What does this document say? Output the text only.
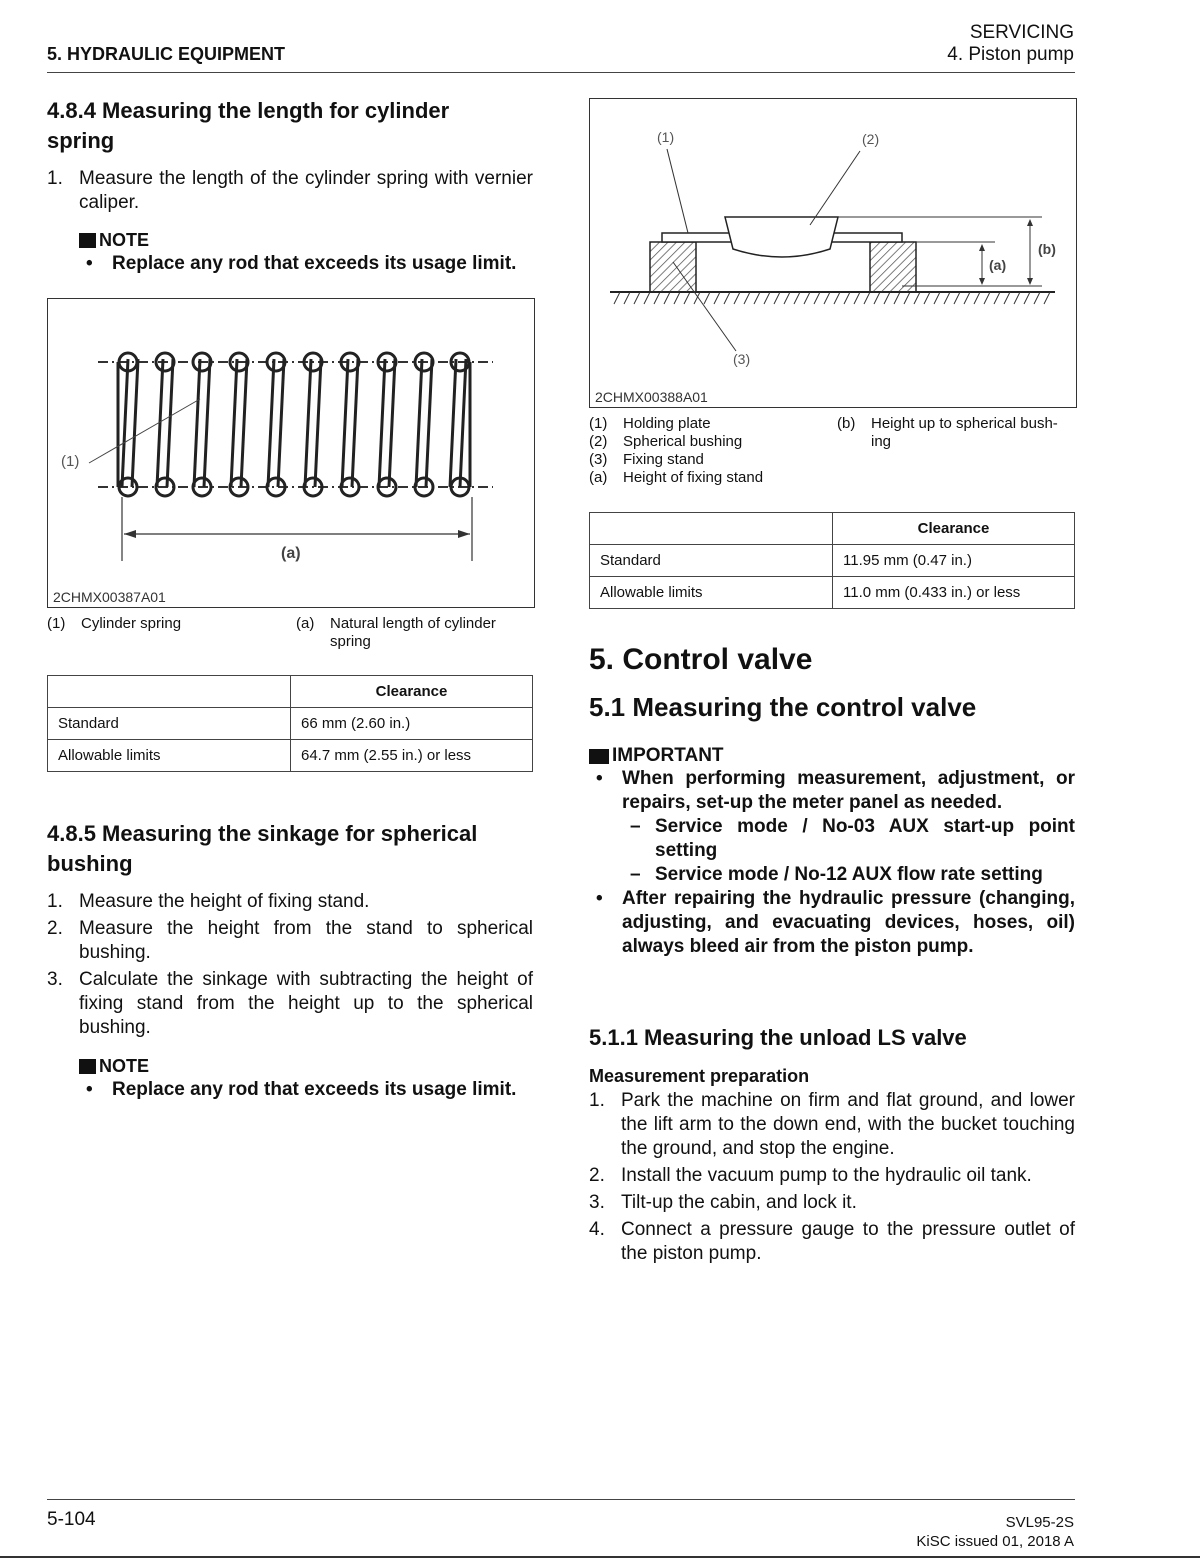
5. HYDRAULIC EQUIPMENT
SERVICING
4. Piston pump
4.8.4 Measuring the length for cylinder
spring
1. Measure the length of the cylinder spring with vernier caliper.
NOTE
• Replace any rod that exceeds its usage limit.
(1)
(a)
2CHMX00387A01
(1)	Cylinder spring	(a)	Natural length of cylinder spring
	Clearance
Standard	66 mm (2.60 in.)
Allowable limits	64.7 mm (2.55 in.) or less
4.8.5 Measuring the sinkage for spherical
bushing
1. Measure the height of fixing stand.
2. Measure the height from the stand to spherical bushing.
3. Calculate the sinkage with subtracting the height of fixing stand from the height up to the spherical bushing.
NOTE
• Replace any rod that exceeds its usage limit.
(1)	(2)
(3)
(a)
(b)
2CHMX00388A01
(1)	Holding plate
(2)	Spherical bushing
(3)	Fixing stand
(a)	Height of fixing stand
(b)	Height up to spherical bush-
ing
	Clearance
Standard	11.95 mm (0.47 in.)
Allowable limits	11.0 mm (0.433 in.) or less
5. Control valve
5.1 Measuring the control valve
IMPORTANT
• When performing measurement, adjustment, or repairs, set-up the meter panel as needed.
– Service mode / No-03 AUX start-up point setting
– Service mode / No-12 AUX flow rate setting
• After repairing the hydraulic pressure (changing, adjusting, and evacuating devices, hoses, oil) always bleed air from the piston pump.
5.1.1 Measuring the unload LS valve
Measurement preparation
1. Park the machine on firm and flat ground, and lower the lift arm to the down end, with the bucket touching the ground, and stop the engine.
2. Install the vacuum pump to the hydraulic oil tank.
3. Tilt-up the cabin, and lock it.
4. Connect a pressure gauge to the pressure outlet of the piston pump.
5-104	SVL95-2S
KiSC issued 01, 2018 A
